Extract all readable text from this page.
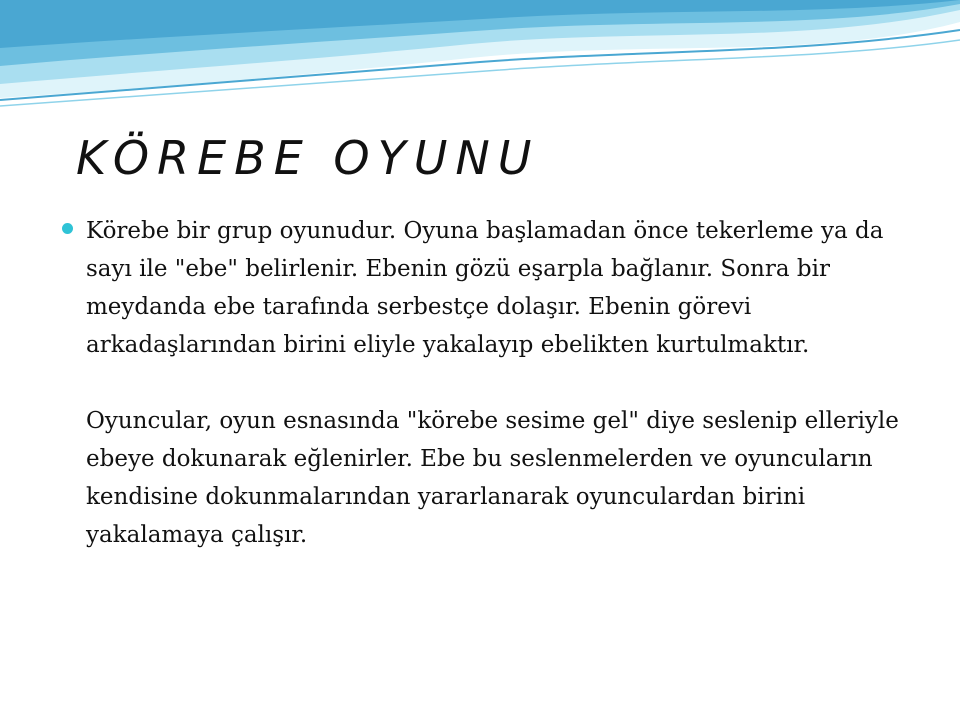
KÖREBE OYUNU

Körebe bir grup oyunudur. Oyuna başlamadan önce tekerleme ya da sayı ile "ebe" belirlenir. Ebenin gözü eşarpla bağlanır. Sonra bir meydanda ebe tarafında serbestçe dolaşır. Ebenin görevi arkadaşlarından birini eliyle yakalayıp ebelikten kurtulmaktır.

Oyuncular, oyun esnasında "körebe sesime gel" diye seslenip elleriyle ebeye dokunarak eğlenirler. Ebe bu seslenmelerden ve oyuncuların kendisine dokunmalarından yararlanarak oyunculardan birini yakalamaya çalışır.
